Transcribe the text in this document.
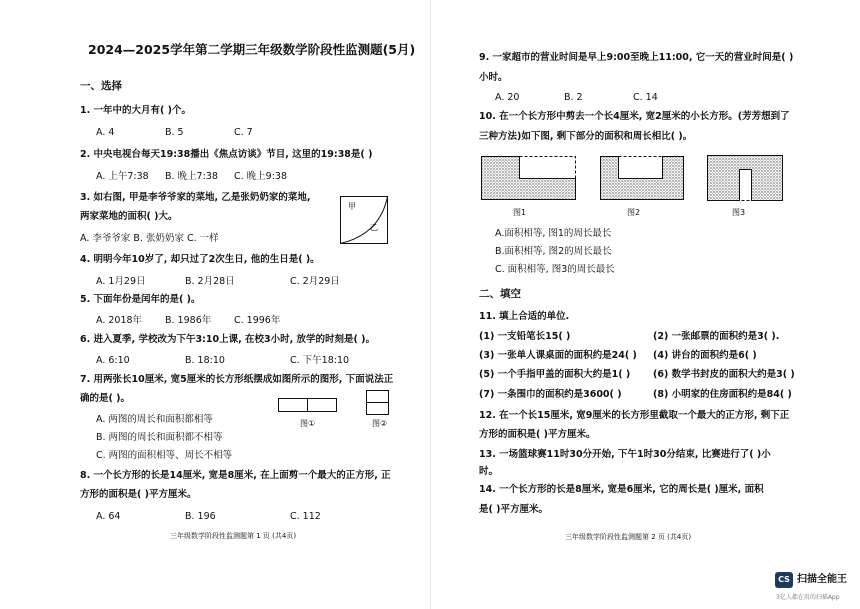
2024—2025学年第二学期三年级数学阶段性监测题(5月)
一、选择
1. 一年中的大月有( )个。
A. 4	B. 5	C. 7
2. 中央电视台每天19:38播出《焦点访谈》节目, 这里的19:38是( )
A. 上午7:38 B. 晚上7:38 C. 晚上9:38
3. 如右图, 甲是李爷爷家的菜地, 乙是张奶奶家的菜地,
两家菜地的面积( )大。
A. 李爷爷家 B. 张奶奶家 C. 一样
甲
乙
4. 明明今年10岁了, 却只过了2次生日, 他的生日是( )。
A. 1月29日	B. 2月28日	C. 2月29日
5. 下面年份是闰年的是( )。
A. 2018年 B. 1986年 C. 1996年
6. 进入夏季, 学校改为下午3:10上课, 在校3小时, 放学的时刻是( )。
A. 6:10	B. 18:10	C. 下午18:10
7. 用两张长10厘米, 宽5厘米的长方形纸摆成如图所示的图形, 下面说法正
确的是( )。
A. 两图的周长和面积都相等
B. 两图的周长和面积都不相等
C. 两图的面积相等、周长不相等
图①	图②
8. 一个长方形的长是14厘米, 宽是8厘米, 在上面剪一个最大的正方形, 正
方形的面积是( )平方厘米。
A. 64	B. 196	C. 112
三年级数学阶段性监测题第 1 页 (共4页)
9. 一家超市的营业时间是早上9:00至晚上11:00, 它一天的营业时间是( )
小时。
A. 20	B. 2	C. 14
10. 在一个长方形中剪去一个长4厘米, 宽2厘米的小长方形。(芳芳想到了
三种方法)如下图, 剩下部分的面积和周长相比( )。
图1	图2	图3
A.面积相等, 图1的周长最长
B.面积相等, 图2的周长最长
C. 面积相等, 图3的周长最长
二、填空
11. 填上合适的单位.
(1) 一支铅笔长15( )	(2) 一张邮票的面积约是3( ).
(3) 一张单人课桌面的面积约是24( ) (4) 讲台的面积约是6( )
(5) 一个手指甲盖的面积大约是1( ) (6) 数学书封皮的面积大约是3( )
(7) 一条围巾的面积约是3600( )	(8) 小明家的住房面积约是84( )
12. 在一个长15厘米, 宽9厘米的长方形里截取一个最大的正方形, 剩下正
方形的面积是( )平方厘米。
13. 一场篮球赛11时30分开始, 下午1时30分结束, 比赛进行了( )小
时。
14. 一个长方形的长是8厘米, 宽是6厘米, 它的周长是( )厘米, 面积
是( )平方厘米。
三年级数学阶段性监测题第 2 页 (共4页)
CS 扫描全能王
3亿人都在用的扫描App
